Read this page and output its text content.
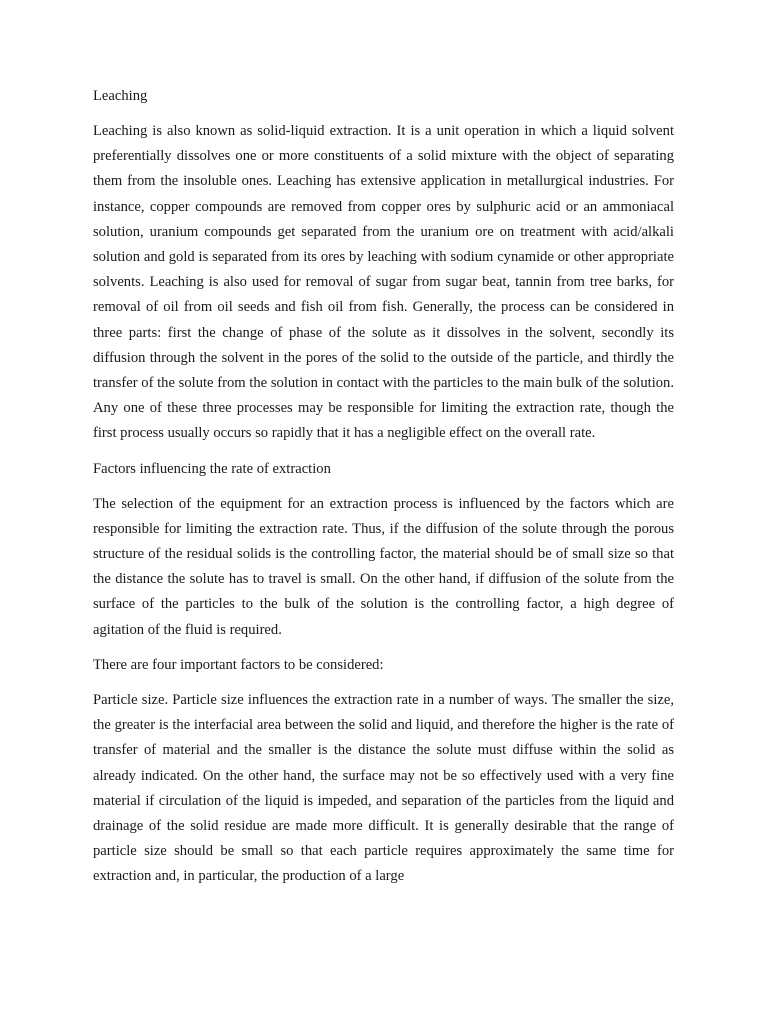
Leaching

Leaching is also known as solid-liquid extraction. It is a unit operation in which a liquid solvent preferentially dissolves one or more constituents of a solid mixture with the object of separating them from the insoluble ones. Leaching has extensive application in metallurgical industries. For instance, copper compounds are removed from copper ores by sulphuric acid or an ammoniacal solution, uranium compounds get separated from the uranium ore on treatment with acid/alkali solution and gold is separated from its ores by leaching with sodium cynamide or other appropriate solvents. Leaching is also used for removal of sugar from sugar beat, tannin from tree barks, for removal of oil from oil seeds and fish oil from fish. Generally, the process can be considered in three parts: first the change of phase of the solute as it dissolves in the solvent, secondly its diffusion through the solvent in the pores of the solid to the outside of the particle, and thirdly the transfer of the solute from the solution in contact with the particles to the main bulk of the solution. Any one of these three processes may be responsible for limiting the extraction rate, though the first process usually occurs so rapidly that it has a negligible effect on the overall rate.

Factors influencing the rate of extraction

The selection of the equipment for an extraction process is influenced by the factors which are responsible for limiting the extraction rate. Thus, if the diffusion of the solute through the porous structure of the residual solids is the controlling factor, the material should be of small size so that the distance the solute has to travel is small. On the other hand, if diffusion of the solute from the surface of the particles to the bulk of the solution is the controlling factor, a high degree of agitation of the fluid is required.

There are four important factors to be considered:

Particle size. Particle size influences the extraction rate in a number of ways. The smaller the size, the greater is the interfacial area between the solid and liquid, and therefore the higher is the rate of transfer of material and the smaller is the distance the solute must diffuse within the solid as already indicated. On the other hand, the surface may not be so effectively used with a very fine material if circulation of the liquid is impeded, and separation of the particles from the liquid and drainage of the solid residue are made more difficult. It is generally desirable that the range of particle size should be small so that each particle requires approximately the same time for extraction and, in particular, the production of a large
